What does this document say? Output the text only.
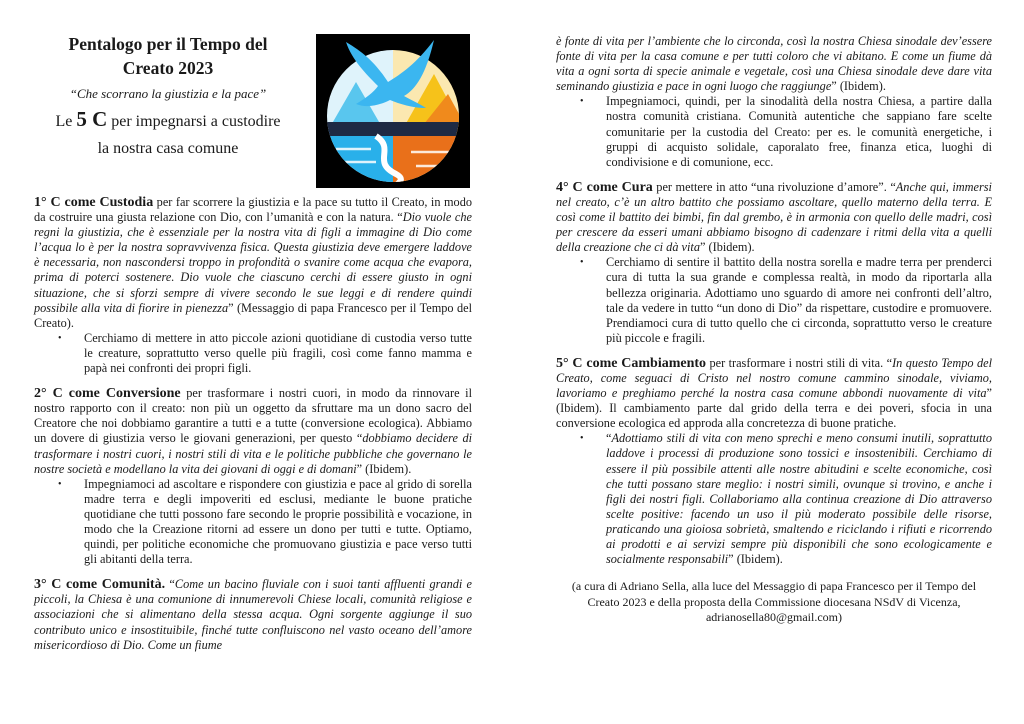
Pentalogo per il Tempo del
Creato 2023
“Che scorrano la giustizia e la pace”
Le 5 C per impegnarsi a custodire
la nostra casa comune

1° C come Custodia per far scorrere la giustizia e la pace su tutto il Creato, in modo da costruire una giusta relazione con Dio, con l’umanità e con la natura. “Dio vuole che regni la giustizia, che è essenziale per la nostra vita di figli a immagine di Dio come l’acqua lo è per la nostra sopravvivenza fisica. Questa giustizia deve emergere laddove è necessaria, non nascondersi troppo in profondità o svanire come acqua che evapora, prima di poterci sostenere. Dio vuole che ciascuno cerchi di essere giusto in ogni situazione, che si sforzi sempre di vivere secondo le sue leggi e di rendere quindi possibile alla vita di fiorire in pienezza” (Messaggio di papa Francesco per il Tempo del Creato).

•	Cerchiamo di mettere in atto piccole azioni quotidiane di custodia verso tutte le creature, soprattutto verso quelle più fragili, così come fanno mamma e papà nei confronti dei propri figli.

2° C come Conversione per trasformare i nostri cuori, in modo da rinnovare il nostro rapporto con il creato: non più un oggetto da sfruttare ma un dono sacro del Creatore che noi dobbiamo garantire a tutti e a tutte (conversione ecologica). Abbiamo un dovere di giustizia verso le giovani generazioni, per questo “dobbiamo decidere di trasformare i nostri cuori, i nostri stili di vita e le politiche pubbliche che governano le nostre società e modellano la vita dei giovani di oggi e di domani” (Ibidem).

•	Impegniamoci ad ascoltare e rispondere con giustizia e pace al grido di sorella madre terra e degli impoveriti ed esclusi, mediante le buone pratiche quotidiane che tutti possono fare secondo le proprie possibilità e vocazione, in modo che la Creazione ritorni ad essere un dono per tutti e tutte. Optiamo, quindi, per politiche economiche che promuovano giustizia e pace verso tutti gli abitanti della terra.

3° C come Comunità. “Come un bacino fluviale con i suoi tanti affluenti grandi e piccoli, la Chiesa è una comunione di innumerevoli Chiese locali, comunità religiose e associazioni che si alimentano della stessa acqua. Ogni sorgente aggiunge il suo contributo unico e insostituibile, finché tutte confluiscono nel vasto oceano dell’amore misericordioso di Dio. Come un fiume

è fonte di vita per l’ambiente che lo circonda, così la nostra Chiesa sinodale dev’essere fonte di vita per la casa comune e per tutti coloro che vi abitano. E come un fiume dà vita a ogni sorta di specie animale e vegetale, così una Chiesa sinodale deve dare vita seminando giustizia e pace in ogni luogo che raggiunge” (Ibidem).

•	Impegniamoci, quindi, per la sinodalità della nostra Chiesa, a partire dalla nostra comunità cristiana. Comunità autentiche che sappiano fare scelte comunitarie per la custodia del Creato: per es. le comunità energetiche, i gruppi di acquisto solidale, caporalato free, finanza etica, luoghi di condivisione e di comunione, ecc.

4° C come Cura per mettere in atto “una rivoluzione d’amore”. “Anche qui, immersi nel creato, c’è un altro battito che possiamo ascoltare, quello materno della terra. E così come il battito dei bimbi, fin dal grembo, è in armonia con quello delle madri, così per crescere da esseri umani abbiamo bisogno di cadenzare i ritmi della vita a quelli della creazione che ci dà vita” (Ibidem).

•	Cerchiamo di sentire il battito della nostra sorella e madre terra per prenderci cura di tutta la sua grande e complessa realtà, in modo da riportarla alla bellezza originaria. Adottiamo uno sguardo di amore nei confronti dell’altro, tale da vedere in tutto “un dono di Dio” da rispettare, custodire e promuovere. Prendiamoci cura di tutto quello che ci circonda, soprattutto verso le creature più piccole e fragili.

5° C come Cambiamento per trasformare i nostri stili di vita. “In questo Tempo del Creato, come seguaci di Cristo nel nostro comune cammino sinodale, viviamo, lavoriamo e preghiamo perché la nostra casa comune abbondi nuovamente di vita” (Ibidem). Il cambiamento parte dal grido della terra e dei poveri, sfocia in una conversione ecologica ed approda alla concretezza di buone pratiche.

•	“Adottiamo stili di vita con meno sprechi e meno consumi inutili, soprattutto laddove i processi di produzione sono tossici e insostenibili. Cerchiamo di essere il più possibile attenti alle nostre abitudini e scelte economiche, così che tutti possano stare meglio: i nostri simili, ovunque si trovino, e anche i figli dei nostri figli. Collaboriamo alla continua creazione di Dio attraverso scelte positive: facendo un uso il più moderato possibile delle risorse, praticando una gioiosa sobrietà, smaltendo e riciclando i rifiuti e ricorrendo ai prodotti e ai servizi sempre più disponibili che sono ecologicamente e socialmente responsabili” (Ibidem).
(a cura di Adriano Sella, alla luce del Messaggio di papa Francesco per il Tempo del Creato 2023 e della proposta della Commissione diocesana NSdV di Vicenza, adrianosella80@gmail.com)
